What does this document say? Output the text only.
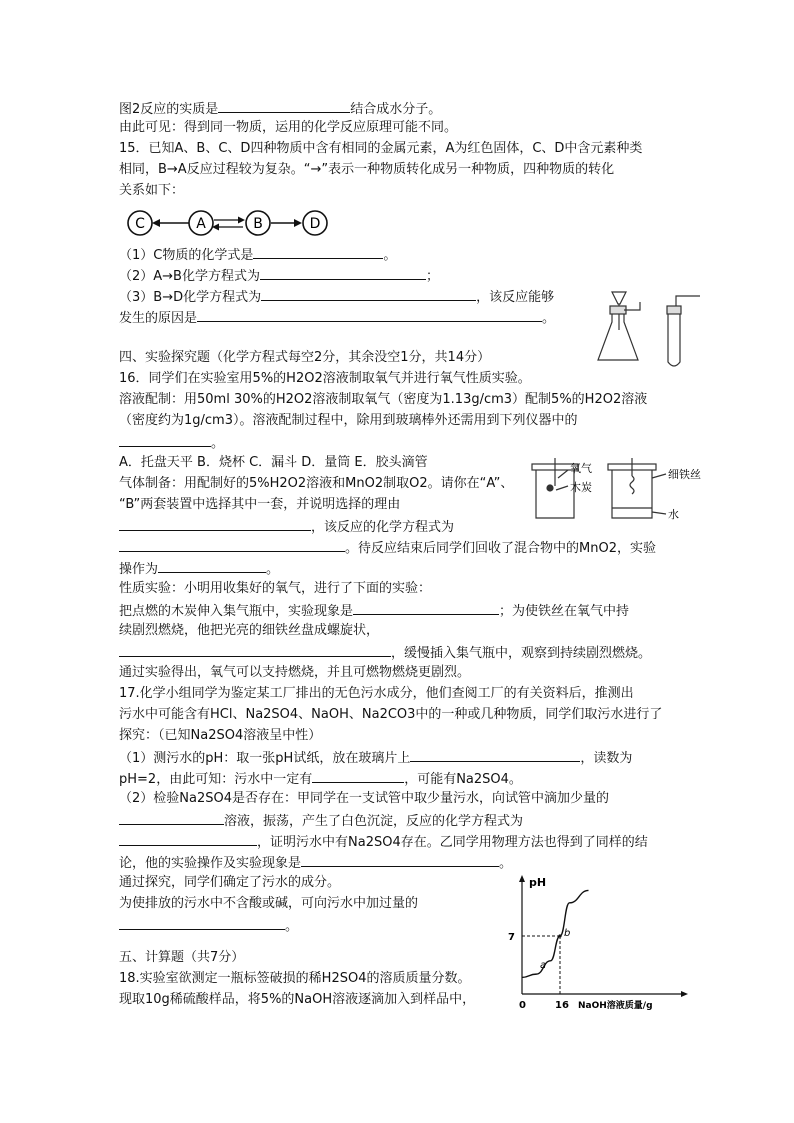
图2反应的实质是	结合成水分子。
由此可见：得到同一物质，运用的化学反应原理可能不同。
15．已知A、B、C、D四种物质中含有相同的金属元素，A为红色固体，C、D中含元素种类
相同，B→A反应过程较为复杂。“→”表示一种物质转化成另一种物质，四种物质的转化
关系如下：
C	A	B	D
（1）C物质的化学式是	。
（2）A→B化学方程式为	；
（3）B→D化学方程式为	，该反应能够
发生的原因是	。
四、实验探究题（化学方程式每空2分，其余没空1分，共14分）
16．同学们在实验室用5%的H2O2溶液制取氧气并进行氧气性质实验。
溶液配制：用50ml 30%的H2O2溶液制取氧气（密度为1.13g/cm3）配制5%的H2O2溶液
（密度约为1g/cm3）。溶液配制过程中，除用到玻璃棒外还需用到下列仪器中的
。
A．托盘天平 B．烧杯 C．漏斗 D．量筒 E．胶头滴管
气体制备：用配制好的5%H2O2溶液和MnO2制取O2。请你在“A”、
“B”两套装置中选择其中一套，并说明选择的理由
，该反应的化学方程式为
。待反应结束后同学们回收了混合物中的MnO2，实验
操作为	。
氧气
木炭
细铁丝
水
性质实验：小明用收集好的氧气，进行了下面的实验：
把点燃的木炭伸入集气瓶中，实验现象是	；为使铁丝在氧气中持
续剧烈燃烧，他把光亮的细铁丝盘成螺旋状，
，缓慢插入集气瓶中，观察到持续剧烈燃烧。
通过实验得出，氧气可以支持燃烧，并且可燃物燃烧更剧烈。
17.化学小组同学为鉴定某工厂排出的无色污水成分，他们查阅工厂的有关资料后，推测出
污水中可能含有HCl、Na2SO4、NaOH、Na2CO3中的一种或几种物质，同学们取污水进行了
探究：（已知Na2SO4溶液呈中性）
（1）测污水的pH：取一张pH试纸，放在玻璃片上	，读数为
pH=2，由此可知：污水中一定有	，可能有Na2SO4。
（2）检验Na2SO4是否存在：甲同学在一支试管中取少量污水，向试管中滴加少量的
溶液，振荡，产生了白色沉淀，反应的化学方程式为
，证明污水中有Na2SO4存在。乙同学用物理方法也得到了同样的结
论，他的实验操作及实验现象是	。
通过探究，同学们确定了污水的成分。
为使排放的污水中不含酸或碱，可向污水中加过量的
。
五、计算题（共7分）
18.实验室欲测定一瓶标签破损的稀H2SO4的溶质质量分数。
现取10g稀硫酸样品，将5%的NaOH溶液逐滴加入到样品中，
pH
NaOH溶液质量/g
0	16
7
a
b
